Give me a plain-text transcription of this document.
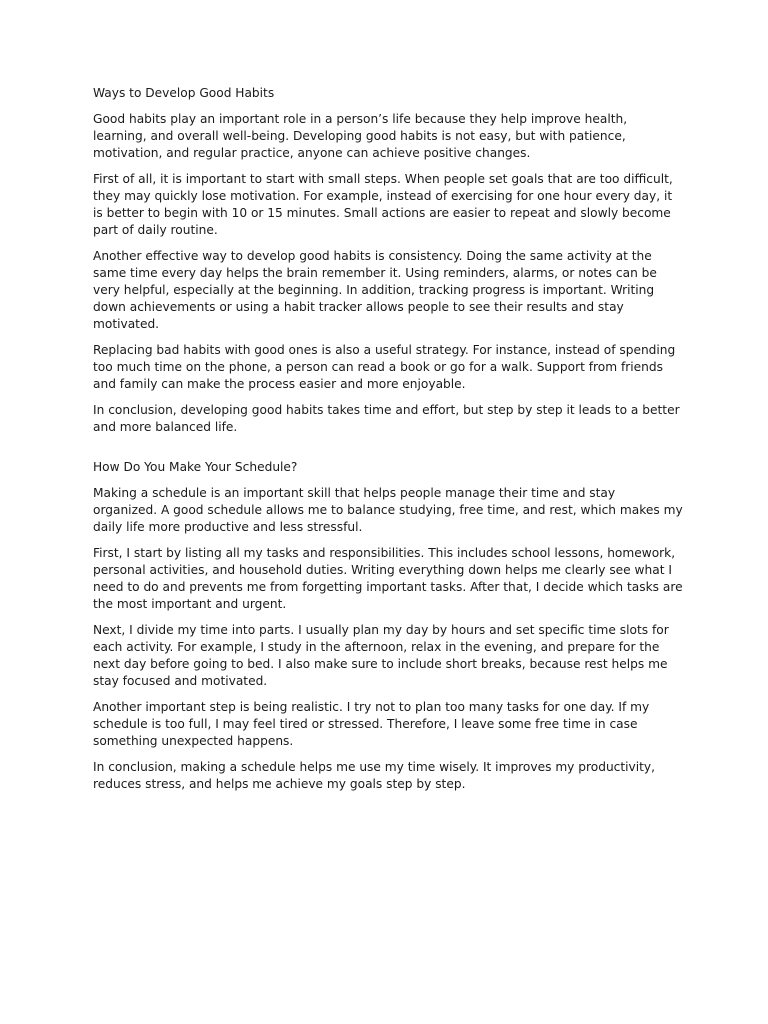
Ways to Develop Good Habits

Good habits play an important role in a person’s life because they help improve health, learning, and overall well-being. Developing good habits is not easy, but with patience, motivation, and regular practice, anyone can achieve positive changes.

First of all, it is important to start with small steps. When people set goals that are too difficult, they may quickly lose motivation. For example, instead of exercising for one hour every day, it is better to begin with 10 or 15 minutes. Small actions are easier to repeat and slowly become part of daily routine.

Another effective way to develop good habits is consistency. Doing the same activity at the same time every day helps the brain remember it. Using reminders, alarms, or notes can be very helpful, especially at the beginning. In addition, tracking progress is important. Writing down achievements or using a habit tracker allows people to see their results and stay motivated.

Replacing bad habits with good ones is also a useful strategy. For instance, instead of spending too much time on the phone, a person can read a book or go for a walk. Support from friends and family can make the process easier and more enjoyable.

In conclusion, developing good habits takes time and effort, but step by step it leads to a better and more balanced life.

How Do You Make Your Schedule?

Making a schedule is an important skill that helps people manage their time and stay organized. A good schedule allows me to balance studying, free time, and rest, which makes my daily life more productive and less stressful.

First, I start by listing all my tasks and responsibilities. This includes school lessons, homework, personal activities, and household duties. Writing everything down helps me clearly see what I need to do and prevents me from forgetting important tasks. After that, I decide which tasks are the most important and urgent.

Next, I divide my time into parts. I usually plan my day by hours and set specific time slots for each activity. For example, I study in the afternoon, relax in the evening, and prepare for the next day before going to bed. I also make sure to include short breaks, because rest helps me stay focused and motivated.

Another important step is being realistic. I try not to plan too many tasks for one day. If my schedule is too full, I may feel tired or stressed. Therefore, I leave some free time in case something unexpected happens.

In conclusion, making a schedule helps me use my time wisely. It improves my productivity, reduces stress, and helps me achieve my goals step by step.
